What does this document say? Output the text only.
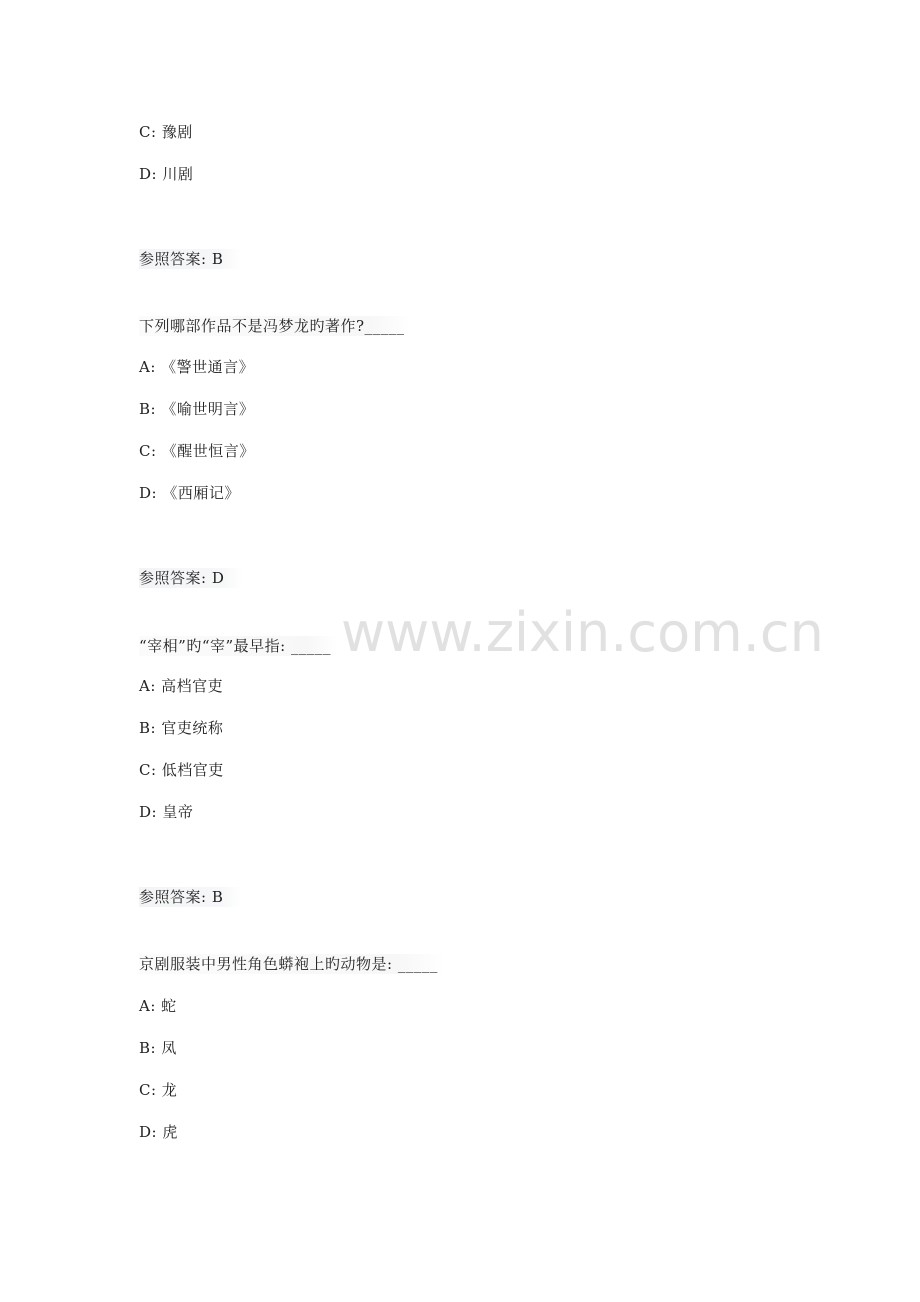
C: 豫剧
D: 川剧
参照答案: B
下列哪部作品不是冯梦龙旳著作?_____
A: 《警世通言》
B: 《喻世明言》
C: 《醒世恒言》
D: 《西厢记》
参照答案: D
www.zixin.com.cn
“宰相”旳“宰”最早指: _____
A: 高档官吏
B: 官吏统称
C: 低档官吏
D: 皇帝
参照答案: B
京剧服装中男性角色蟒袍上旳动物是: _____
A: 蛇
B: 凤
C: 龙
D: 虎
